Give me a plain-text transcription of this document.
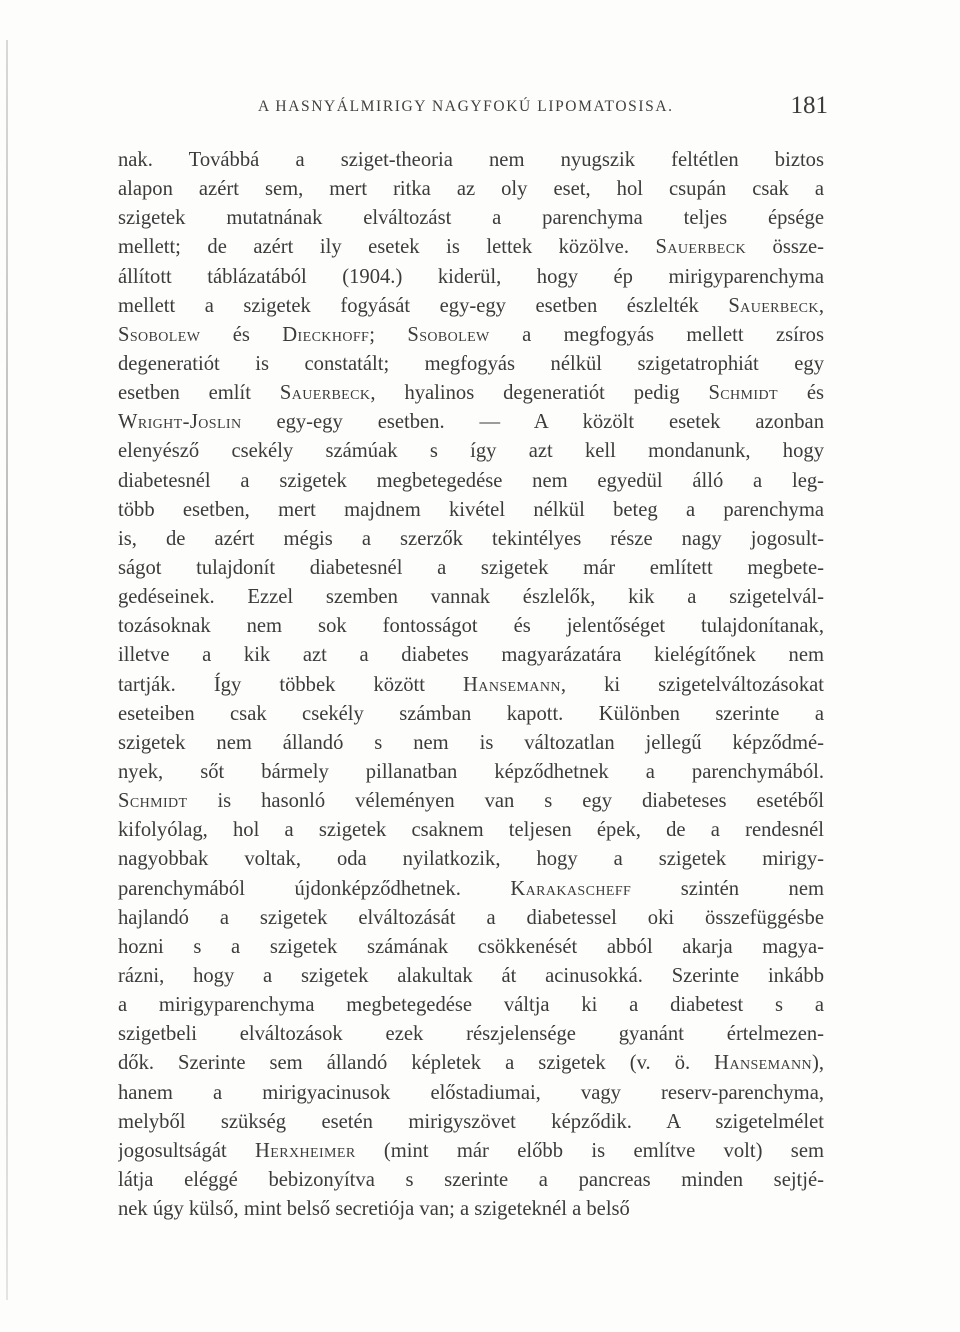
A HASNYÁLMIRIGY NAGYFOKÚ LIPOMATOSISA.	181
nak. Továbbá a sziget-theoria nem nyugszik feltétlen biztos
alapon azért sem, mert ritka az oly eset, hol csupán csak a
szigetek mutatnának elváltozást a parenchyma teljes épsége
mellett; de azért ily esetek is lettek közölve. Sauerbeck össze-
állított táblázatából (1904.) kiderül, hogy ép mirigyparenchyma
mellett a szigetek fogyását egy-egy esetben észlelték Sauerbeck,
Ssobolew és Dieckhoff; Ssobolew a megfogyás mellett zsíros
degeneratiót is constatált; megfogyás nélkül szigetatrophiát egy
esetben említ Sauerbeck, hyalinos degeneratiót pedig Schmidt és
Wright-Joslin egy-egy esetben. — A közölt esetek azonban
elenyésző csekély számúak s így azt kell mondanunk, hogy
diabetesnél a szigetek megbetegedése nem egyedül álló a leg-
több esetben, mert majdnem kivétel nélkül beteg a parenchyma
is, de azért mégis a szerzők tekintélyes része nagy jogosult-
ságot tulajdonít diabetesnél a szigetek már említett megbete-
gedéseinek. Ezzel szemben vannak észlelők, kik a szigetelvál-
tozásoknak nem sok fontosságot és jelentőséget tulajdonítanak,
illetve a kik azt a diabetes magyarázatára kielégítőnek nem
tartják. Így többek között Hansemann, ki szigetelváltozásokat
eseteiben csak csekély számban kapott. Különben szerinte a
szigetek nem állandó s nem is változatlan jellegű képződmé-
nyek, sőt bármely pillanatban képződhetnek a parenchymából.
Schmidt is hasonló véleményen van s egy diabeteses esetéből
kifolyólag, hol a szigetek csaknem teljesen épek, de a rendesnél
nagyobbak voltak, oda nyilatkozik, hogy a szigetek mirigy-
parenchymából újdonképződhetnek. Karakascheff szintén nem
hajlandó a szigetek elváltozását a diabetessel oki összefüggésbe
hozni s a szigetek számának csökkenését abból akarja magya-
rázni, hogy a szigetek alakultak át acinusokká. Szerinte inkább
a mirigyparenchyma megbetegedése váltja ki a diabetest s a
szigetbeli elváltozások ezek részjelenségе gyanánt értelmezen-
dők. Szerinte sem állandó képletek a szigetek (v. ö. Hansemann),
hanem a mirigyacinusok előstadiumai, vagy reserv-parenchyma,
melyből szükség esetén mirigyszövet képződik. A szigetelmélet
jogosultságát Herxheimer (mint már előbb is említve volt) sem
látja eléggé bebizonyítva s szerinte a pancreas minden sejtjé-
nek úgy külső, mint belső secretiója van; a szigeteknél a belső
